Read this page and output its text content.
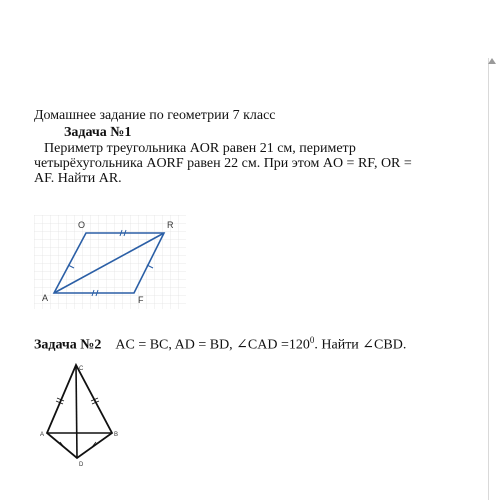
Домашнее задание по геометрии 7 класс
Задача №1
Периметр треугольника AOR равен 21 см, периметр
четырёхугольника AORF равен 22 см. При этом AO = RF, OR =
AF. Найти AR.
O	R
A	F
Задача №2 AC = BC, AD = BD, ∠CAD $=120^0$. Найти ∠CBD.
C
A	B
D
